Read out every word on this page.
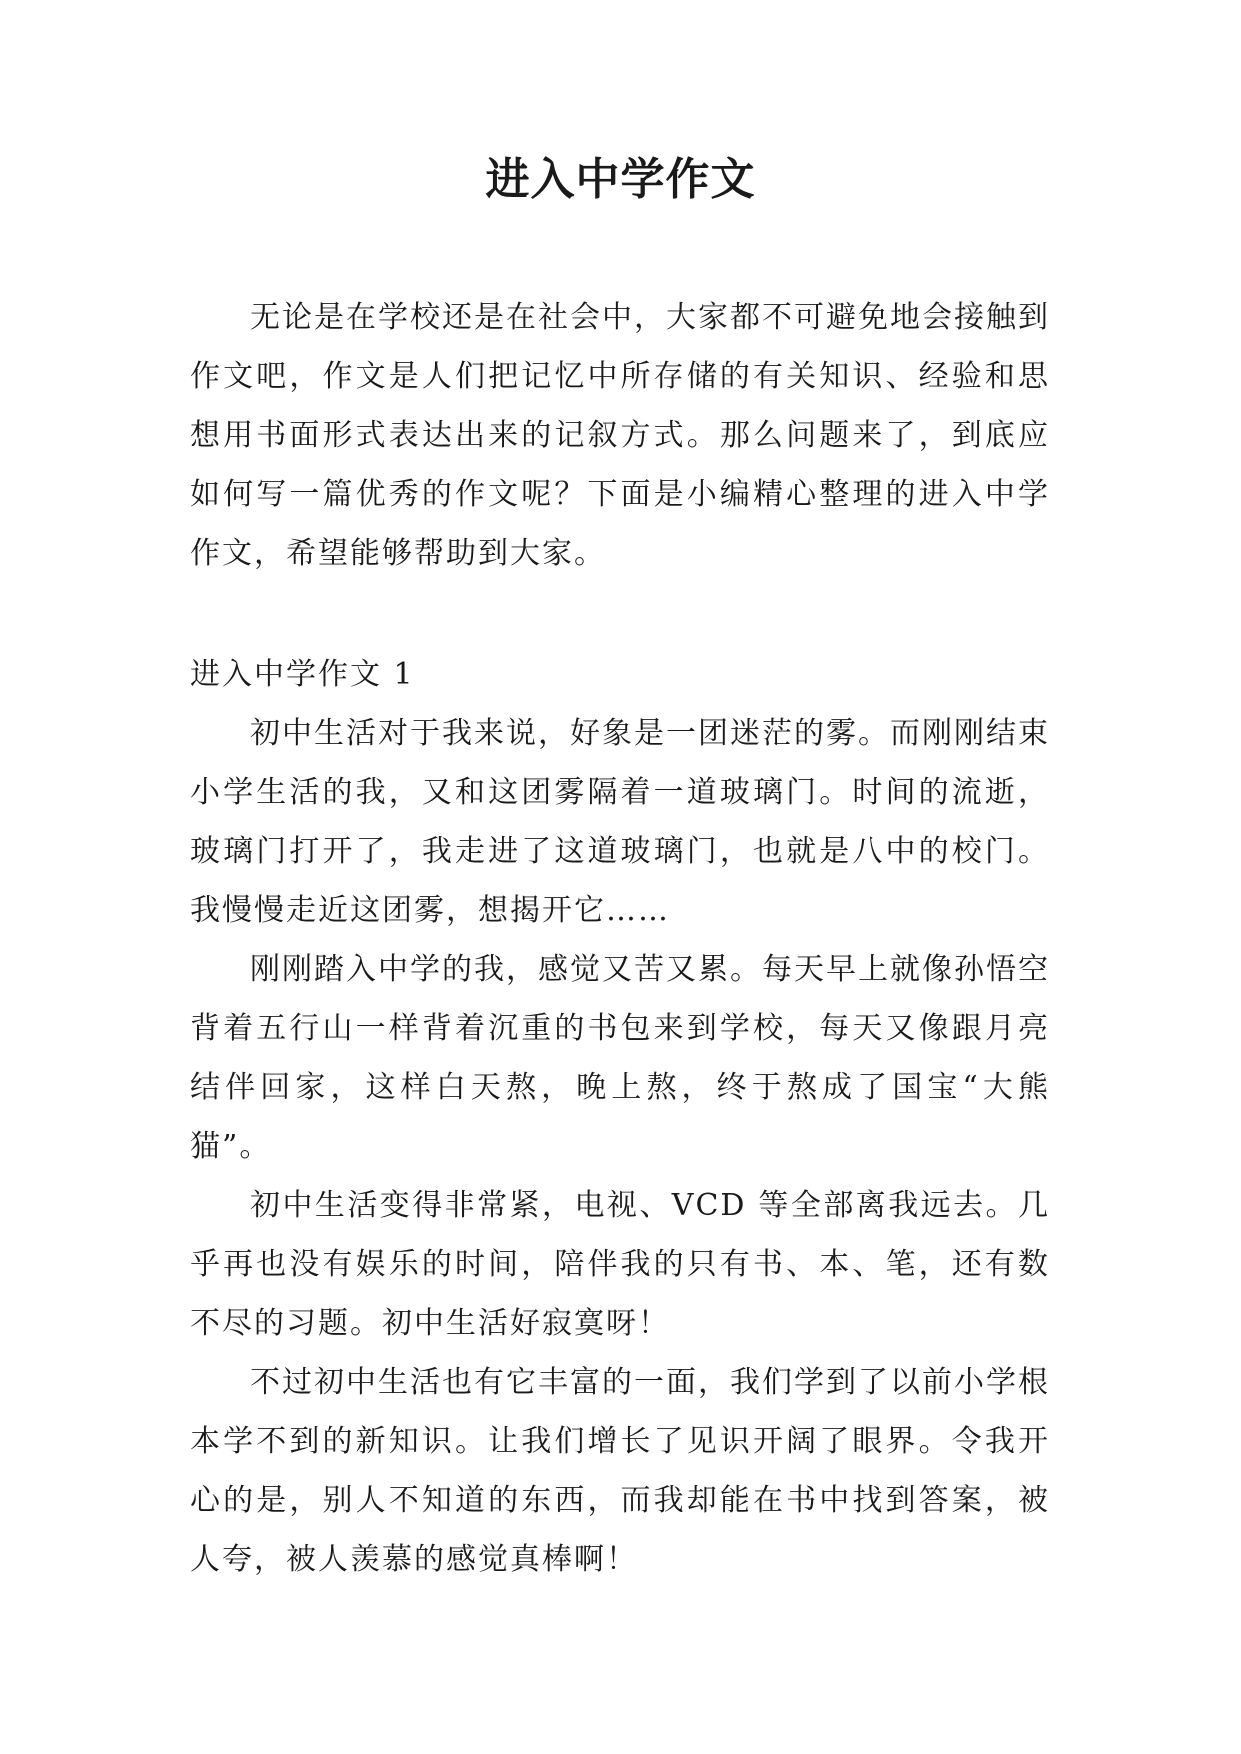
进入中学作文

无论是在学校还是在社会中，大家都不可避免地会接触到作文吧，作文是人们把记忆中所存储的有关知识、经验和思想用书面形式表达出来的记叙方式。那么问题来了，到底应如何写一篇优秀的作文呢？下面是小编精心整理的进入中学作文，希望能够帮助到大家。

进入中学作文 1

初中生活对于我来说，好象是一团迷茫的雾。而刚刚结束小学生活的我，又和这团雾隔着一道玻璃门。时间的流逝，玻璃门打开了，我走进了这道玻璃门，也就是八中的校门。我慢慢走近这团雾，想揭开它……

刚刚踏入中学的我，感觉又苦又累。每天早上就像孙悟空背着五行山一样背着沉重的书包来到学校，每天又像跟月亮结伴回家，这样白天熬，晚上熬，终于熬成了国宝“大熊猫”。

初中生活变得非常紧，电视、VCD 等全部离我远去。几乎再也没有娱乐的时间，陪伴我的只有书、本、笔，还有数不尽的习题。初中生活好寂寞呀！

不过初中生活也有它丰富的一面，我们学到了以前小学根本学不到的新知识。让我们增长了见识开阔了眼界。令我开心的是，别人不知道的东西，而我却能在书中找到答案，被人夸，被人羡慕的感觉真棒啊！
